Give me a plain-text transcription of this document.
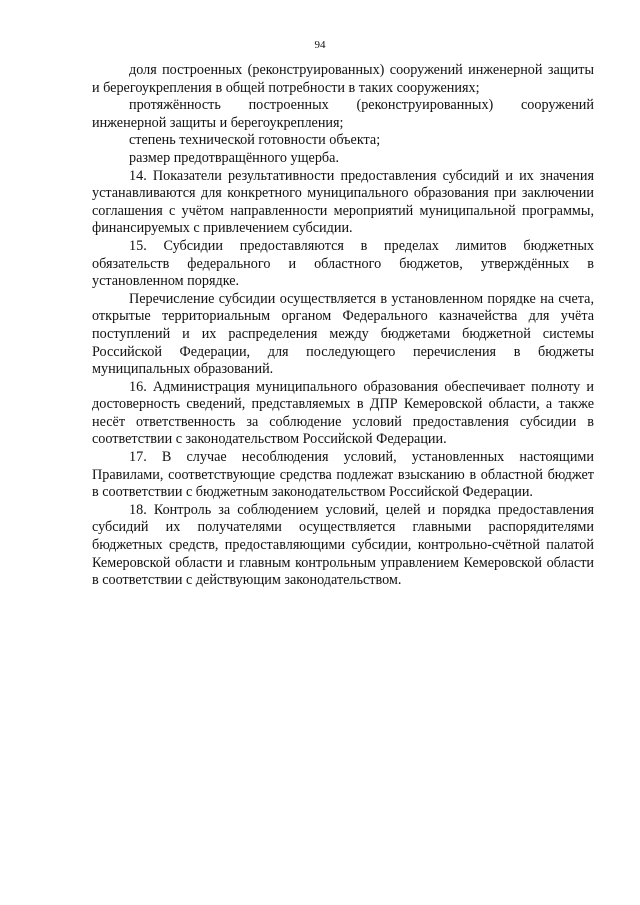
94

доля построенных (реконструированных) сооружений инженерной защиты и берегоукрепления в общей потребности в таких сооружениях;

протяжённость построенных (реконструированных) сооружений инженерной защиты и берегоукрепления;

степень технической готовности объекта;

размер предотвращённого ущерба.

14. Показатели результативности предоставления субсидий и их значения устанавливаются для конкретного муниципального образования при заключении соглашения с учётом направленности мероприятий муниципальной программы, финансируемых с привлечением субсидии.

15. Субсидии предоставляются в пределах лимитов бюджетных обязательств федерального и областного бюджетов, утверждённых в установленном порядке.

Перечисление субсидии осуществляется в установленном порядке на счета, открытые территориальным органом Федерального казначейства для учёта поступлений и их распределения между бюджетами бюджетной системы Российской Федерации, для последующего перечисления в бюджеты муниципальных образований.

16. Администрация муниципального образования обеспечивает полноту и достоверность сведений, представляемых в ДПР Кемеровской области, а также несёт ответственность за соблюдение условий предоставления субсидии в соответствии с законодательством Российской Федерации.

17. В случае несоблюдения условий, установленных настоящими Правилами, соответствующие средства подлежат взысканию в областной бюджет в соответствии с бюджетным законодательством Российской Федерации.

18. Контроль за соблюдением условий, целей и порядка предоставления субсидий их получателями осуществляется главными распорядителями бюджетных средств, предоставляющими субсидии, контрольно-счётной палатой Кемеровской области и главным контрольным управлением Кемеровской области в соответствии с действующим законодательством.
